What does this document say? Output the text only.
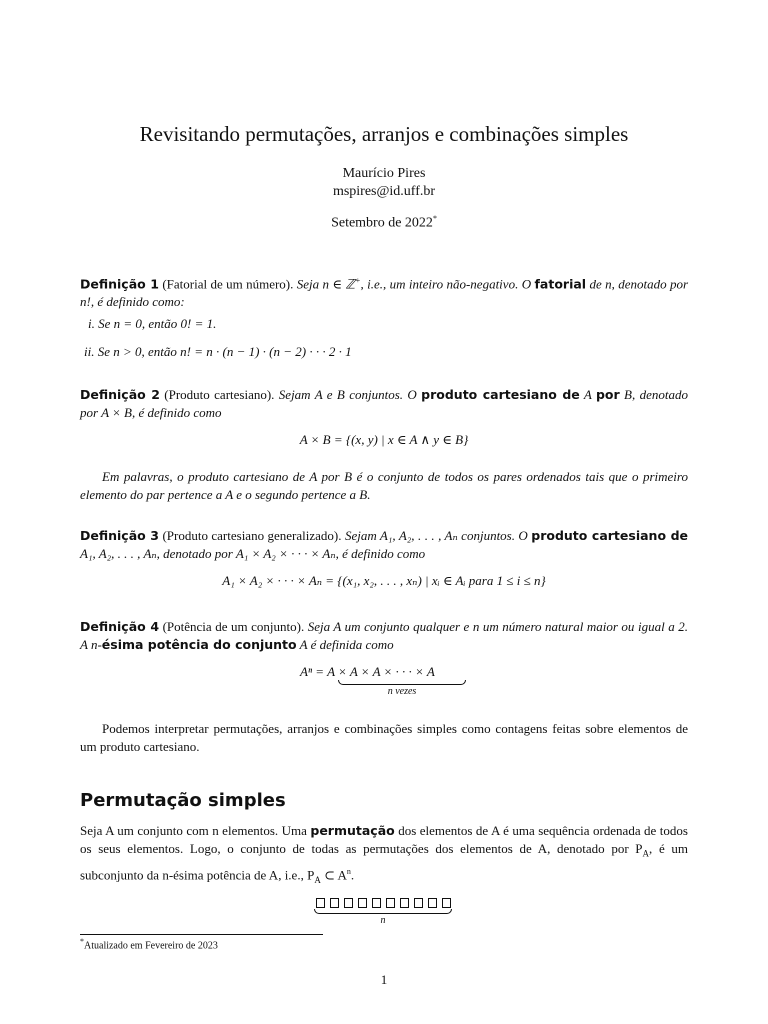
Revisitando permutações, arranjos e combinações simples
Maurício Pires
mspires@id.uff.br
Setembro de 2022*
Definição 1 (Fatorial de um número). Seja n ∈ ℤ+, i.e., um inteiro não-negativo. O fatorial de n, denotado por n!, é definido como:
i. Se n = 0, então 0! = 1.
ii. Se n > 0, então n! = n · (n − 1) · (n − 2) · · · 2 · 1
Definição 2 (Produto cartesiano). Sejam A e B conjuntos. O produto cartesiano de A por B, denotado por A × B, é definido como
A × B = {(x, y) | x ∈ A ∧ y ∈ B}
Em palavras, o produto cartesiano de A por B é o conjunto de todos os pares ordenados tais que o primeiro elemento do par pertence a A e o segundo pertence a B.
Definição 3 (Produto cartesiano generalizado). Sejam A₁, A₂, . . . , Aₙ conjuntos. O produto cartesiano de A₁, A₂, . . . , Aₙ, denotado por A₁ × A₂ × · · · × Aₙ, é definido como
A₁ × A₂ × · · · × Aₙ = {(x₁, x₂, . . . , xₙ) | xᵢ ∈ Aᵢ para 1 ≤ i ≤ n}
Definição 4 (Potência de um conjunto). Seja A um conjunto qualquer e n um número natural maior ou igual a 2. A n-ésima potência do conjunto A é definida como
Aⁿ = A × A × A × · · · × A
n vezes
Podemos interpretar permutações, arranjos e combinações simples como contagens feitas sobre elementos de um produto cartesiano.
Permutação simples
Seja A um conjunto com n elementos. Uma permutação dos elementos de A é uma sequência ordenada de todos os seus elementos. Logo, o conjunto de todas as permutações dos elementos de A, denotado por $P_A$, é um subconjunto da n-ésima potência de A, i.e., $P_A$ ⊂ $A^n$.
n
*Atualizado em Fevereiro de 2023
1
